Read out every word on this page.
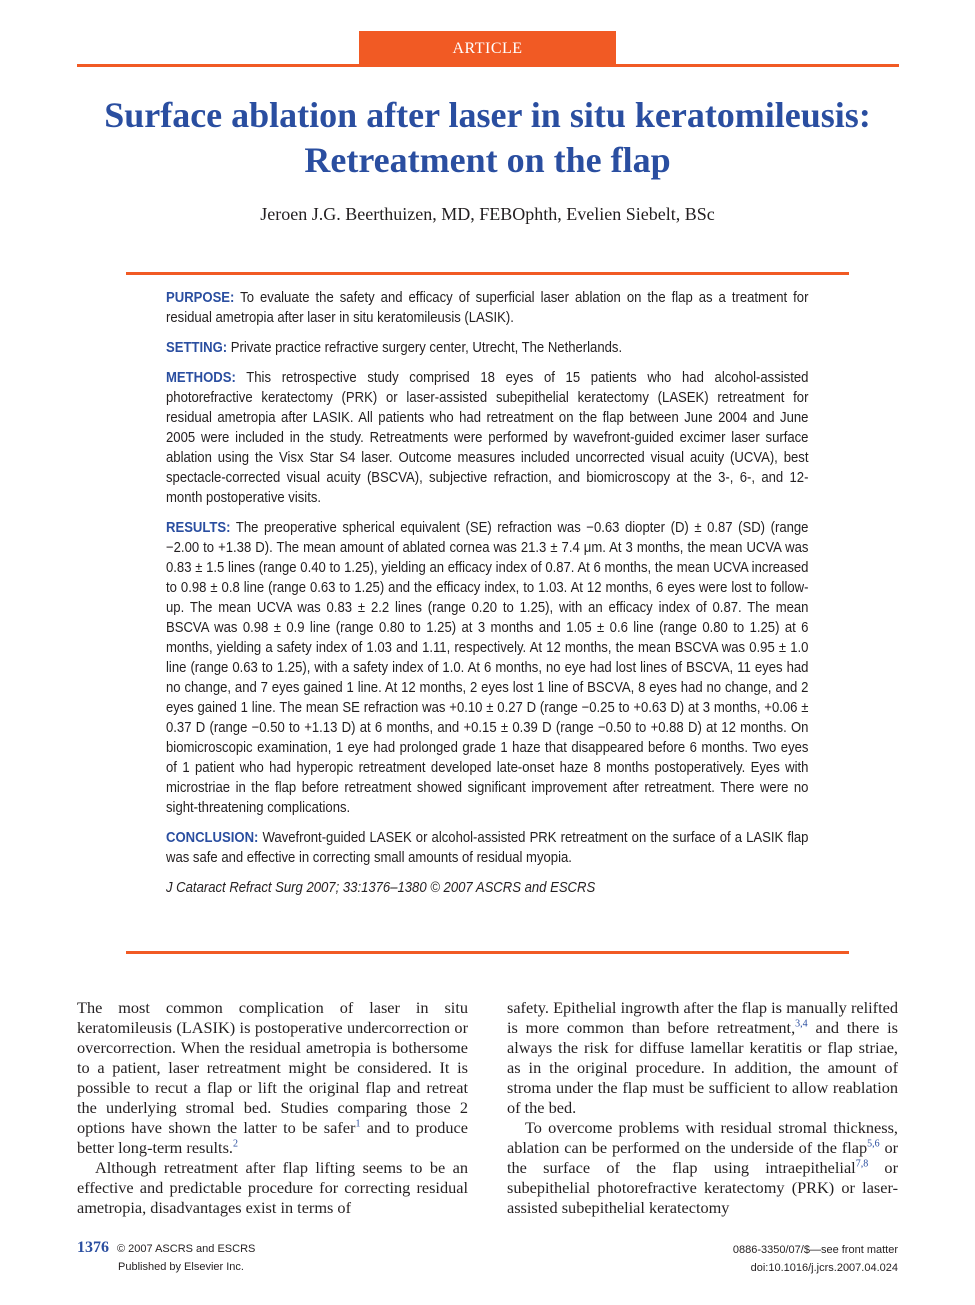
ARTICLE
Surface ablation after laser in situ keratomileusis:
Retreatment on the flap
Jeroen J.G. Beerthuizen, MD, FEBOphth, Evelien Siebelt, BSc

PURPOSE: To evaluate the safety and efficacy of superficial laser ablation on the flap as a treatment for residual ametropia after laser in situ keratomileusis (LASIK).

SETTING: Private practice refractive surgery center, Utrecht, The Netherlands.

METHODS: This retrospective study comprised 18 eyes of 15 patients who had alcohol-assisted photorefractive keratectomy (PRK) or laser-assisted subepithelial keratectomy (LASEK) retreatment for residual ametropia after LASIK. All patients who had retreatment on the flap between June 2004 and June 2005 were included in the study. Retreatments were performed by wavefront-guided excimer laser surface ablation using the Visx Star S4 laser. Outcome measures included uncorrected visual acuity (UCVA), best spectacle-corrected visual acuity (BSCVA), subjective refraction, and biomicroscopy at the 3-, 6-, and 12-month postoperative visits.

RESULTS: The preoperative spherical equivalent (SE) refraction was −0.63 diopter (D) ± 0.87 (SD) (range −2.00 to +1.38 D). The mean amount of ablated cornea was 21.3 ± 7.4 μm. At 3 months, the mean UCVA was 0.83 ± 1.5 lines (range 0.40 to 1.25), yielding an efficacy index of 0.87. At 6 months, the mean UCVA increased to 0.98 ± 0.8 line (range 0.63 to 1.25) and the efficacy index, to 1.03. At 12 months, 6 eyes were lost to follow-up. The mean UCVA was 0.83 ± 2.2 lines (range 0.20 to 1.25), with an efficacy index of 0.87. The mean BSCVA was 0.98 ± 0.9 line (range 0.80 to 1.25) at 3 months and 1.05 ± 0.6 line (range 0.80 to 1.25) at 6 months, yielding a safety index of 1.03 and 1.11, respectively. At 12 months, the mean BSCVA was 0.95 ± 1.0 line (range 0.63 to 1.25), with a safety index of 1.0. At 6 months, no eye had lost lines of BSCVA, 11 eyes had no change, and 7 eyes gained 1 line. At 12 months, 2 eyes lost 1 line of BSCVA, 8 eyes had no change, and 2 eyes gained 1 line. The mean SE refraction was +0.10 ± 0.27 D (range −0.25 to +0.63 D) at 3 months, +0.06 ± 0.37 D (range −0.50 to +1.13 D) at 6 months, and +0.15 ± 0.39 D (range −0.50 to +0.88 D) at 12 months. On biomicroscopic examination, 1 eye had prolonged grade 1 haze that disappeared before 6 months. Two eyes of 1 patient who had hyperopic retreatment developed late-onset haze 8 months postoperatively. Eyes with microstriae in the flap before retreatment showed significant improvement after retreatment. There were no sight-threatening complications.

CONCLUSION: Wavefront-guided LASEK or alcohol-assisted PRK retreatment on the surface of a LASIK flap was safe and effective in correcting small amounts of residual myopia.

J Cataract Refract Surg 2007; 33:1376–1380 © 2007 ASCRS and ESCRS

The most common complication of laser in situ keratomileusis (LASIK) is postoperative undercorrection or overcorrection. When the residual ametropia is bothersome to a patient, laser retreatment might be considered. It is possible to recut a flap or lift the original flap and retreat the underlying stromal bed. Studies comparing those 2 options have shown the latter to be safer$^1$ and to produce better long-term results.$^2$

Although retreatment after flap lifting seems to be an effective and predictable procedure for correcting residual ametropia, disadvantages exist in terms of

safety. Epithelial ingrowth after the flap is manually relifted is more common than before retreatment,$^{3,4}$ and there is always the risk for diffuse lamellar keratitis or flap striae, as in the original procedure. In addition, the amount of stroma under the flap must be sufficient to allow reablation of the bed.

To overcome problems with residual stromal thickness, ablation can be performed on the underside of the flap$^{5,6}$ or the surface of the flap using intraepithelial$^{7,8}$ or subepithelial photorefractive keratectomy (PRK) or laser-assisted subepithelial keratectomy

1376 © 2007 ASCRS and ESCRS
Published by Elsevier Inc.
0886-3350/07/$—see front matter
doi:10.1016/j.jcrs.2007.04.024
